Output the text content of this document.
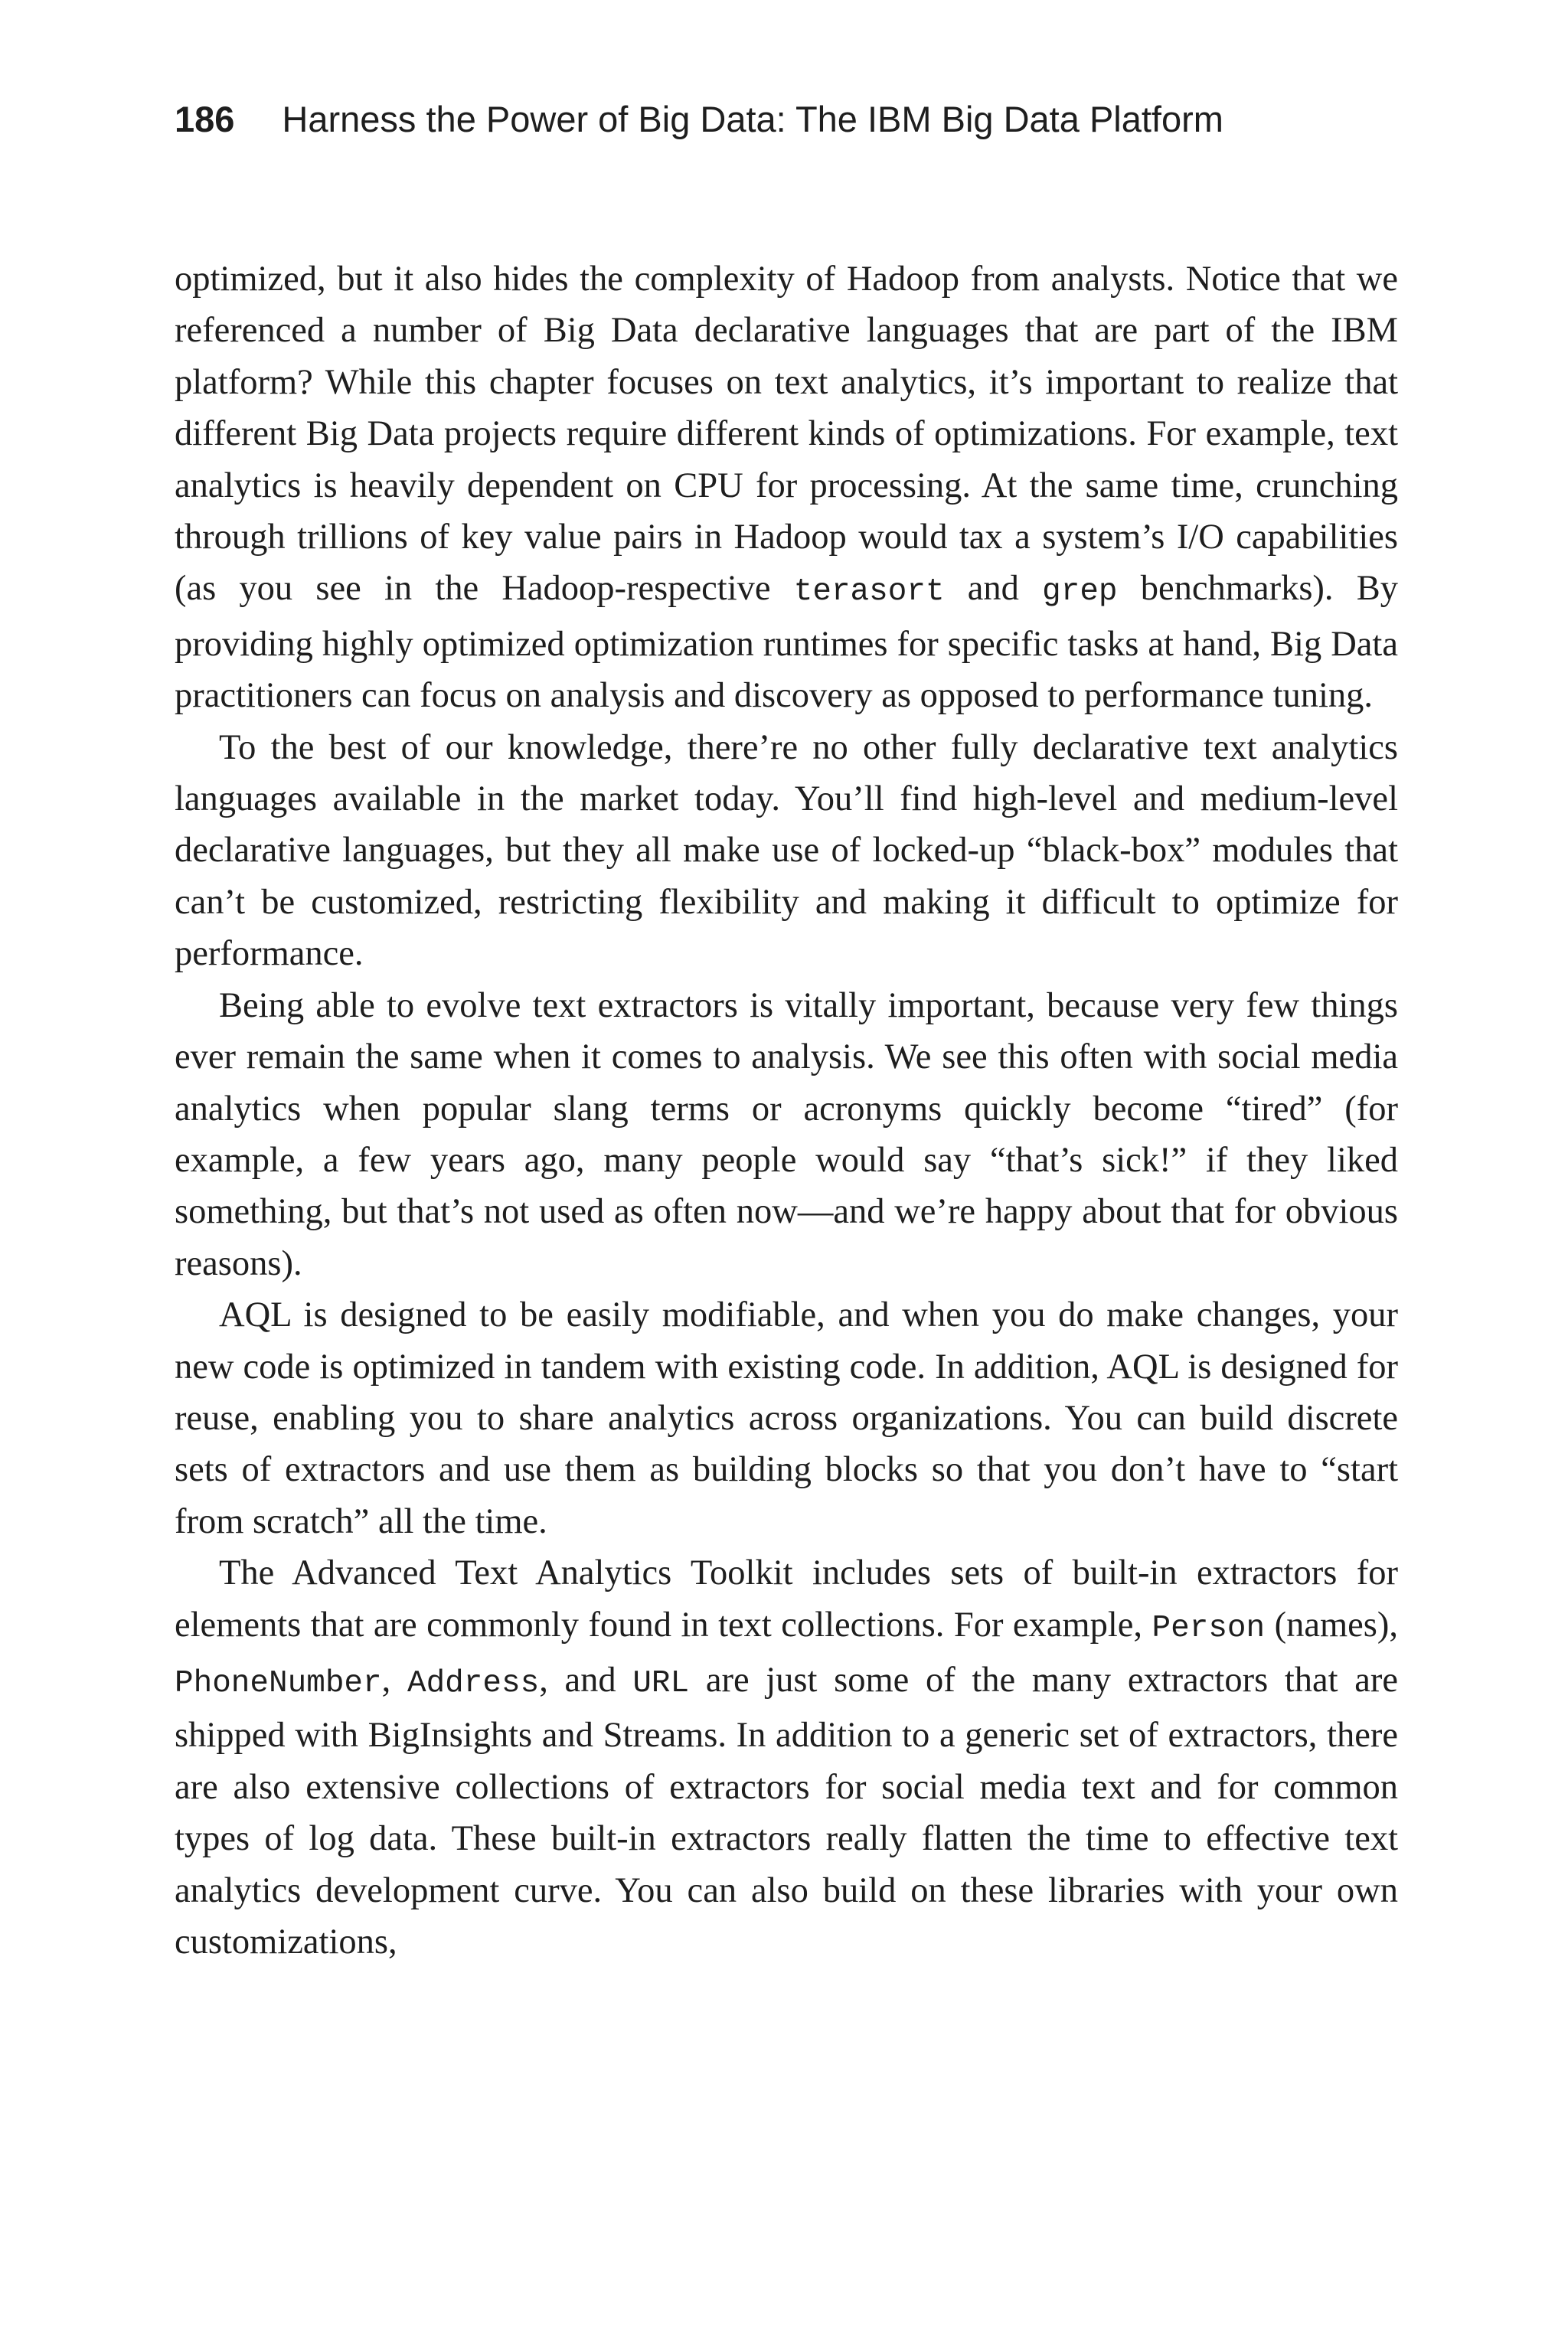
186 Harness the Power of Big Data: The IBM Big Data Platform

optimized, but it also hides the complexity of Hadoop from analysts. Notice that we referenced a number of Big Data declarative languages that are part of the IBM platform? While this chapter focuses on text analytics, it’s important to realize that different Big Data projects require different kinds of optimizations. For example, text analytics is heavily dependent on CPU for processing. At the same time, crunching through trillions of key value pairs in Hadoop would tax a system’s I/O capabilities (as you see in the Hadoop-respective terasort and grep benchmarks). By providing highly optimized optimization runtimes for specific tasks at hand, Big Data practitioners can focus on analysis and discovery as opposed to performance tuning.

To the best of our knowledge, there’re no other fully declarative text analytics languages available in the market today. You’ll find high-level and medium-level declarative languages, but they all make use of locked-up “black-box” modules that can’t be customized, restricting flexibility and making it difficult to optimize for performance.

Being able to evolve text extractors is vitally important, because very few things ever remain the same when it comes to analysis. We see this often with social media analytics when popular slang terms or acronyms quickly become “tired” (for example, a few years ago, many people would say “that’s sick!” if they liked something, but that’s not used as often now—and we’re happy about that for obvious reasons).

AQL is designed to be easily modifiable, and when you do make changes, your new code is optimized in tandem with existing code. In addition, AQL is designed for reuse, enabling you to share analytics across organizations. You can build discrete sets of extractors and use them as building blocks so that you don’t have to “start from scratch” all the time.

The Advanced Text Analytics Toolkit includes sets of built-in extractors for elements that are commonly found in text collections. For example, Person (names), PhoneNumber, Address, and URL are just some of the many extractors that are shipped with BigInsights and Streams. In addition to a generic set of extractors, there are also extensive collections of extractors for social media text and for common types of log data. These built-in extractors really flatten the time to effective text analytics development curve. You can also build on these libraries with your own customizations,
